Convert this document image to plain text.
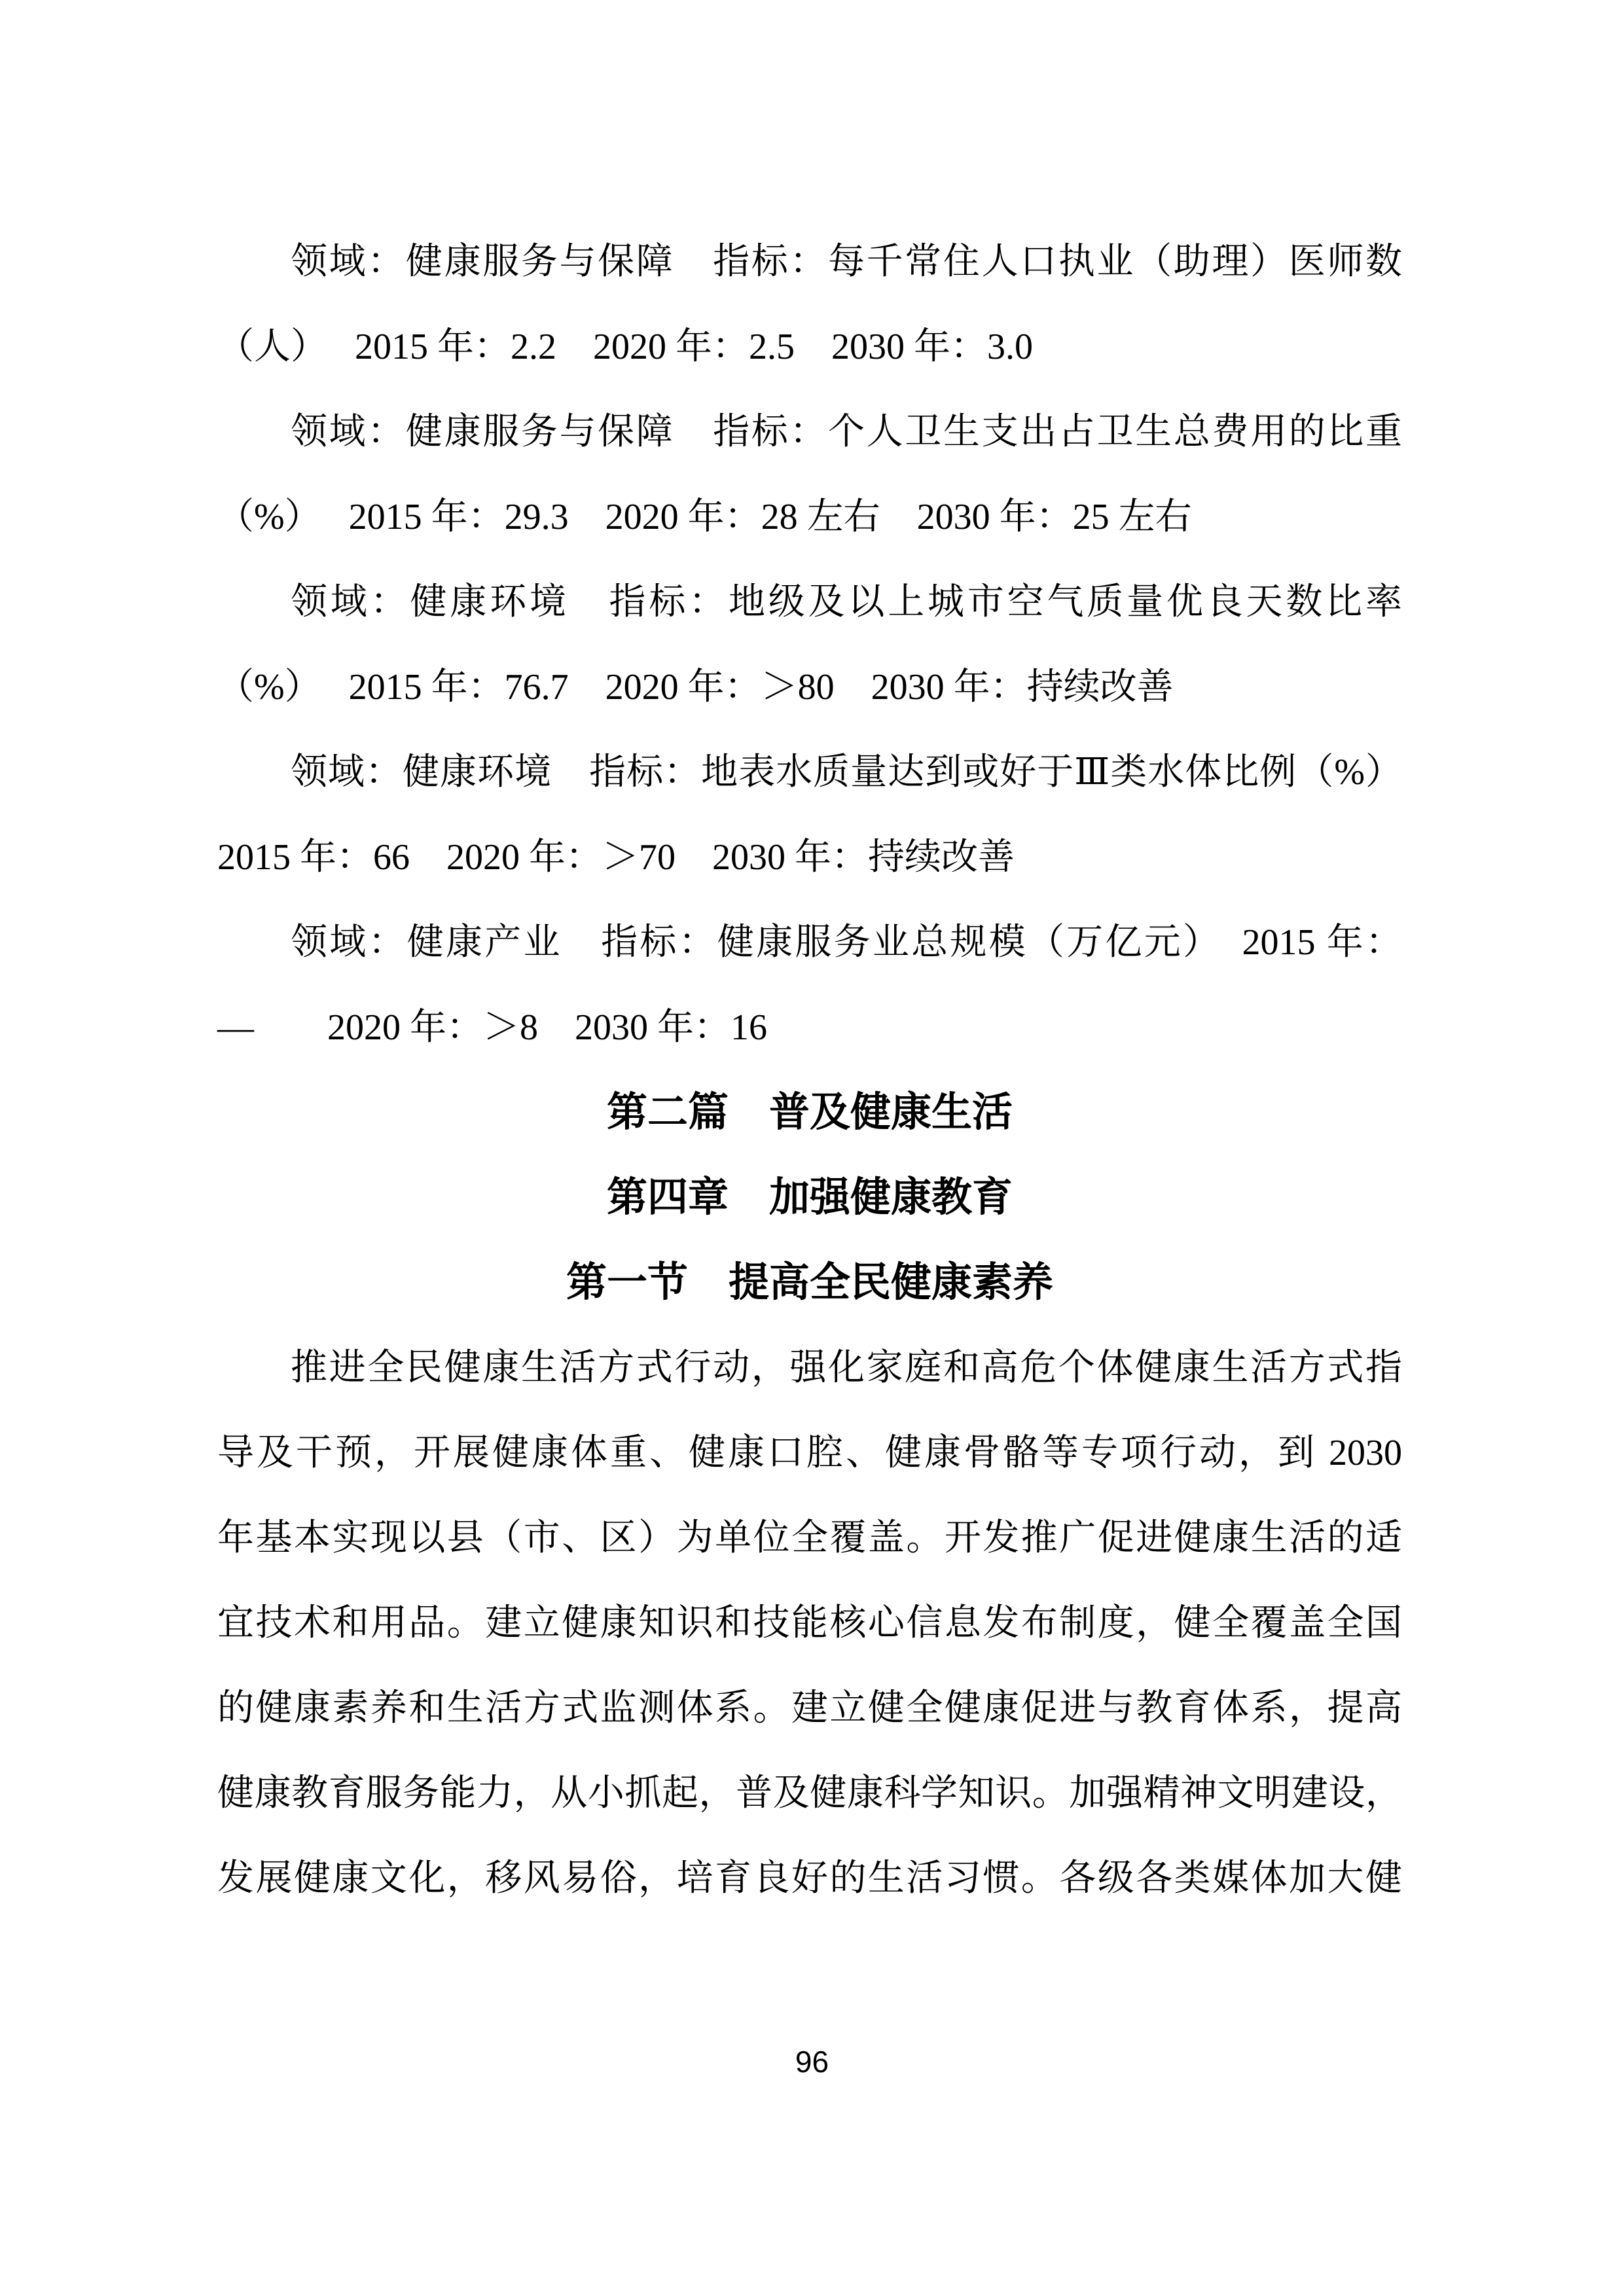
领域：健康服务与保障　指标：每千常住人口执业（助理）医师数
（人）　 2015 年：2.2　2020 年：2.5　2030 年：3.0
领域：健康服务与保障　指标：个人卫生支出占卫生总费用的比重
（%）　 2015 年：29.3　2020 年：28 左右　2030 年：25 左右
领域：健康环境　指标：地级及以上城市空气质量优良天数比率
（%）　 2015 年：76.7　2020 年：＞80　2030 年：持续改善
领域：健康环境　指标：地表水质量达到或好于Ⅲ类水体比例（%）
2015 年：66　2020 年：＞70　2030 年：持续改善
领域：健康产业　指标：健康服务业总规模（万亿元）　2015 年：
—　　2020 年：＞8　2030 年：16
第二篇　普及健康生活
第四章　加强健康教育
第一节　提高全民健康素养
推进全民健康生活方式行动，强化家庭和高危个体健康生活方式指
导及干预，开展健康体重、健康口腔、健康骨骼等专项行动，到 2030
年基本实现以县（市、区）为单位全覆盖。开发推广促进健康生活的适
宜技术和用品。建立健康知识和技能核心信息发布制度，健全覆盖全国
的健康素养和生活方式监测体系。建立健全健康促进与教育体系，提高
健康教育服务能力，从小抓起，普及健康科学知识。加强精神文明建设，
发展健康文化，移风易俗，培育良好的生活习惯。各级各类媒体加大健
96
